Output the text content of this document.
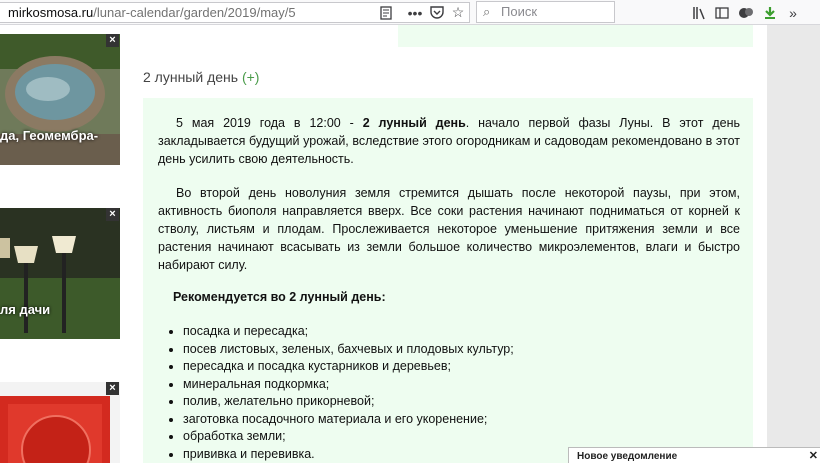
mirkosmosa.ru/lunar-calendar/garden/2019/may/5	••• ☆ ⌕ Поиск	»
×
да, Геомембра-
×
ля дачи
×
2 лунный день (+)

5 мая 2019 года в 12:00 - 2 лунный день. начало первой фазы Луны. В этот день закладывается будущий урожай, вследствие этого огородникам и садоводам рекомендовано в этот день усилить свою деятельность.

Во второй день новолуния земля стремится дышать после некоторой паузы, при этом, активность биополя направляется вверх. Все соки растения начинают подниматься от корней к стволу, листьям и плодам. Прослеживается некоторое уменьшение притяжения земли и все растения начинают всасывать из земли большое количество микроэлементов, влаги и быстро набирают силу.

Рекомендуется во 2 лунный день:
• посадка и пересадка;
• посев листовых, зеленых, бахчевых и плодовых культур;
• пересадка и посадка кустарников и деревьев;
• минеральная подкормка;
• полив, желательно прикорневой;
• заготовка посадочного материала и его укоренение;
• обработка земли;
• прививка и перевивка.	Новое уведомление	✕
